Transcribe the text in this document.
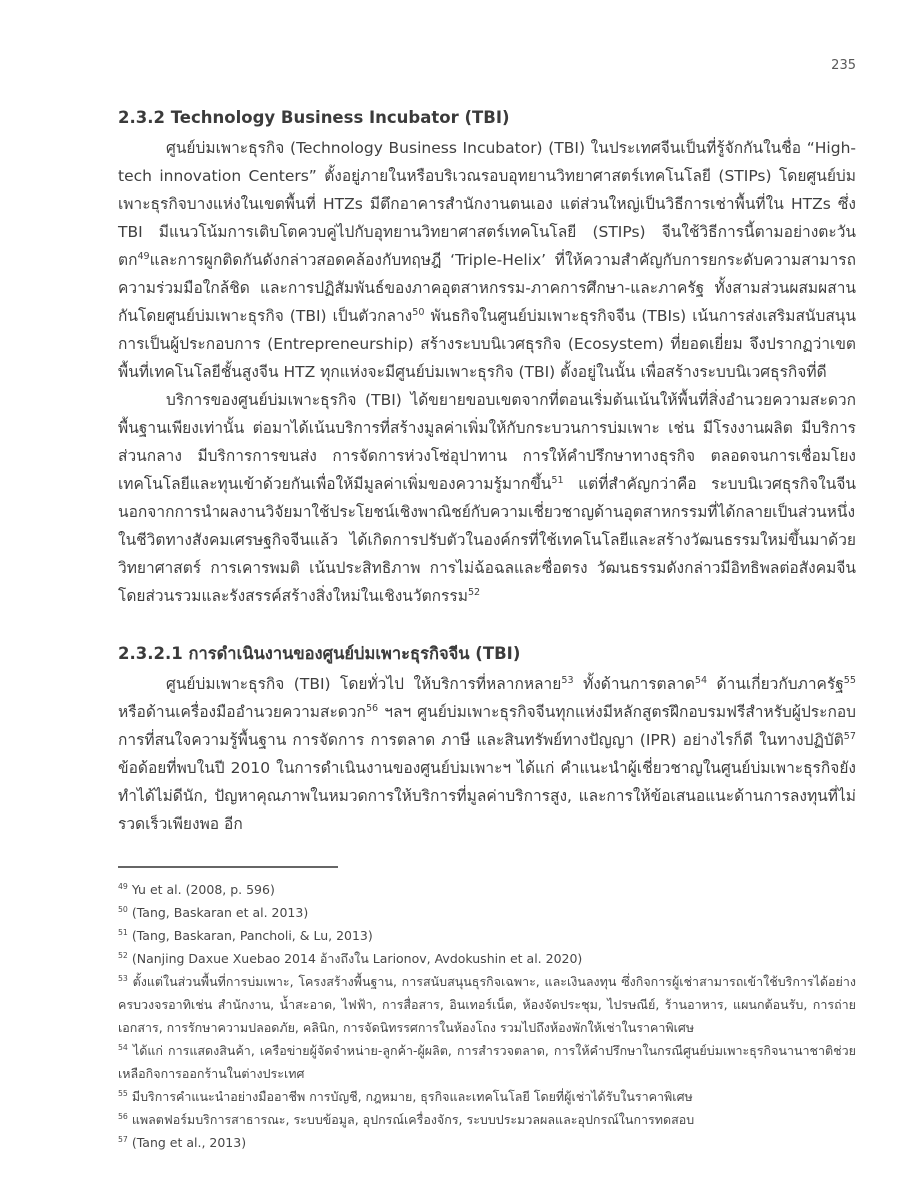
235
2.3.2 Technology Business Incubator (TBI)

ศูนย์บ่มเพาะธุรกิจ (Technology Business Incubator) (TBI) ในประเทศจีนเป็นที่รู้จักกันในชื่อ “High-tech innovation Centers” ตั้งอยู่ภายในหรือบริเวณรอบอุทยานวิทยาศาสตร์เทคโนโลยี (STIPs) โดยศูนย์บ่มเพาะธุรกิจบางแห่งในเขตพื้นที่ HTZs มีตึกอาคารสำนักงานตนเอง แต่ส่วนใหญ่เป็นวิธีการเช่าพื้นที่ใน HTZs ซึ่ง TBI มีแนวโน้มการเติบโตควบคู่ไปกับอุทยานวิทยาศาสตร์เทคโนโลยี (STIPs) จีนใช้วิธีการนี้ตามอย่างตะวันตก$^{49}$และการผูกติดกันดังกล่าวสอดคล้องกับทฤษฎี ‘Triple-Helix’ ที่ให้ความสำคัญกับการยกระดับความสามารถ ความร่วมมือใกล้ชิด และการปฏิสัมพันธ์ของภาคอุตสาหกรรม-ภาคการศึกษา-และภาครัฐ ทั้งสามส่วนผสมผสานกันโดยศูนย์บ่มเพาะธุรกิจ (TBI) เป็นตัวกลาง$^{50}$ พันธกิจในศูนย์บ่มเพาะธุรกิจจีน (TBIs) เน้นการส่งเสริมสนับสนุนการเป็นผู้ประกอบการ (Entrepreneurship) สร้างระบบนิเวศธุรกิจ (Ecosystem) ที่ยอดเยี่ยม จึงปรากฏว่าเขตพื้นที่เทคโนโลยีชั้นสูงจีน HTZ ทุกแห่งจะมีศูนย์บ่มเพาะธุรกิจ (TBI) ตั้งอยู่ในนั้น เพื่อสร้างระบบนิเวศธุรกิจที่ดี

บริการของศูนย์บ่มเพาะธุรกิจ (TBI) ได้ขยายขอบเขตจากที่ตอนเริ่มต้นเน้นให้พื้นที่สิ่งอำนวยความสะดวกพื้นฐานเพียงเท่านั้น ต่อมาได้เน้นบริการที่สร้างมูลค่าเพิ่มให้กับกระบวนการบ่มเพาะ เช่น มีโรงงานผลิต มีบริการส่วนกลาง มีบริการการขนส่ง การจัดการห่วงโซ่อุปาทาน การให้คำปรึกษาทางธุรกิจ ตลอดจนการเชื่อมโยงเทคโนโลยีและทุนเข้าด้วยกันเพื่อให้มีมูลค่าเพิ่มของความรู้มากขึ้น$^{51}$ แต่ที่สำคัญกว่าคือ ระบบนิเวศธุรกิจในจีน นอกจากการนำผลงานวิจัยมาใช้ประโยชน์เชิงพาณิชย์กับความเชี่ยวชาญด้านอุตสาหกรรมที่ได้กลายเป็นส่วนหนึ่งในชีวิตทางสังคมเศรษฐกิจจีนแล้ว ได้เกิดการปรับตัวในองค์กรที่ใช้เทคโนโลยีและสร้างวัฒนธรรมใหม่ขึ้นมาด้วยวิทยาศาสตร์ การเคารพมติ เน้นประสิทธิภาพ การไม่ฉ้อฉลและซื่อตรง วัฒนธรรมดังกล่าวมีอิทธิพลต่อสังคมจีนโดยส่วนรวมและรังสรรค์สร้างสิ่งใหม่ในเชิงนวัตกรรม$^{52}$

2.3.2.1 การดำเนินงานของศูนย์บ่มเพาะธุรกิจจีน (TBI)

ศูนย์บ่มเพาะธุรกิจ (TBI) โดยทั่วไป ให้บริการที่หลากหลาย$^{53}$ ทั้งด้านการตลาด$^{54}$ ด้านเกี่ยวกับภาครัฐ$^{55}$ หรือด้านเครื่องมืออำนวยความสะดวก$^{56}$ ฯลฯ ศูนย์บ่มเพาะธุรกิจจีนทุกแห่งมีหลักสูตรฝึกอบรมฟรีสำหรับผู้ประกอบการที่สนใจความรู้พื้นฐาน การจัดการ การตลาด ภาษี และสินทรัพย์ทางปัญญา (IPR) อย่างไรก็ดี ในทางปฏิบัติ$^{57}$ ข้อด้อยที่พบในปี 2010 ในการดำเนินงานของศูนย์บ่มเพาะฯ ได้แก่ คำแนะนำผู้เชี่ยวชาญในศูนย์บ่มเพาะธุรกิจยังทำได้ไม่ดีนัก, ปัญหาคุณภาพในหมวดการให้บริการที่มูลค่าบริการสูง, และการให้ข้อเสนอแนะด้านการลงทุนที่ไม่รวดเร็วเพียงพอ อีก

$^{49}$ Yu et al. (2008, p. 596)
$^{50}$ (Tang, Baskaran et al. 2013)
$^{51}$ (Tang, Baskaran, Pancholi, & Lu, 2013)
$^{52}$ (Nanjing Daxue Xuebao 2014 อ้างถึงใน Larionov, Avdokushin et al. 2020)
$^{53}$ ตั้งแต่ในส่วนพื้นที่การบ่มเพาะ, โครงสร้างพื้นฐาน, การสนับสนุนธุรกิจเฉพาะ, และเงินลงทุน ซึ่งกิจการผู้เช่าสามารถเข้าใช้บริการได้อย่างครบวงจรอาทิเช่น สำนักงาน, น้ำสะอาด, ไฟฟ้า, การสื่อสาร, อินเทอร์เน็ต, ห้องจัดประชุม, ไปรษณีย์, ร้านอาหาร, แผนกต้อนรับ, การถ่ายเอกสาร, การรักษาความปลอดภัย, คลินิก, การจัดนิทรรศการในห้องโถง รวมไปถึงห้องพักให้เช่าในราคาพิเศษ
$^{54}$ ได้แก่ การแสดงสินค้า, เครือข่ายผู้จัดจำหน่าย-ลูกค้า-ผู้ผลิต, การสำรวจตลาด, การให้คำปรึกษาในกรณีศูนย์บ่มเพาะธุรกิจนานาชาติช่วยเหลือกิจการออกร้านในต่างประเทศ
$^{55}$ มีบริการคำแนะนำอย่างมืออาชีพ การบัญชี, กฎหมาย, ธุรกิจและเทคโนโลยี โดยที่ผู้เช่าได้รับในราคาพิเศษ
$^{56}$ แพลตฟอร์มบริการสาธารณะ, ระบบข้อมูล, อุปกรณ์เครื่องจักร, ระบบประมวลผลและอุปกรณ์ในการทดสอบ
$^{57}$ (Tang et al., 2013)
